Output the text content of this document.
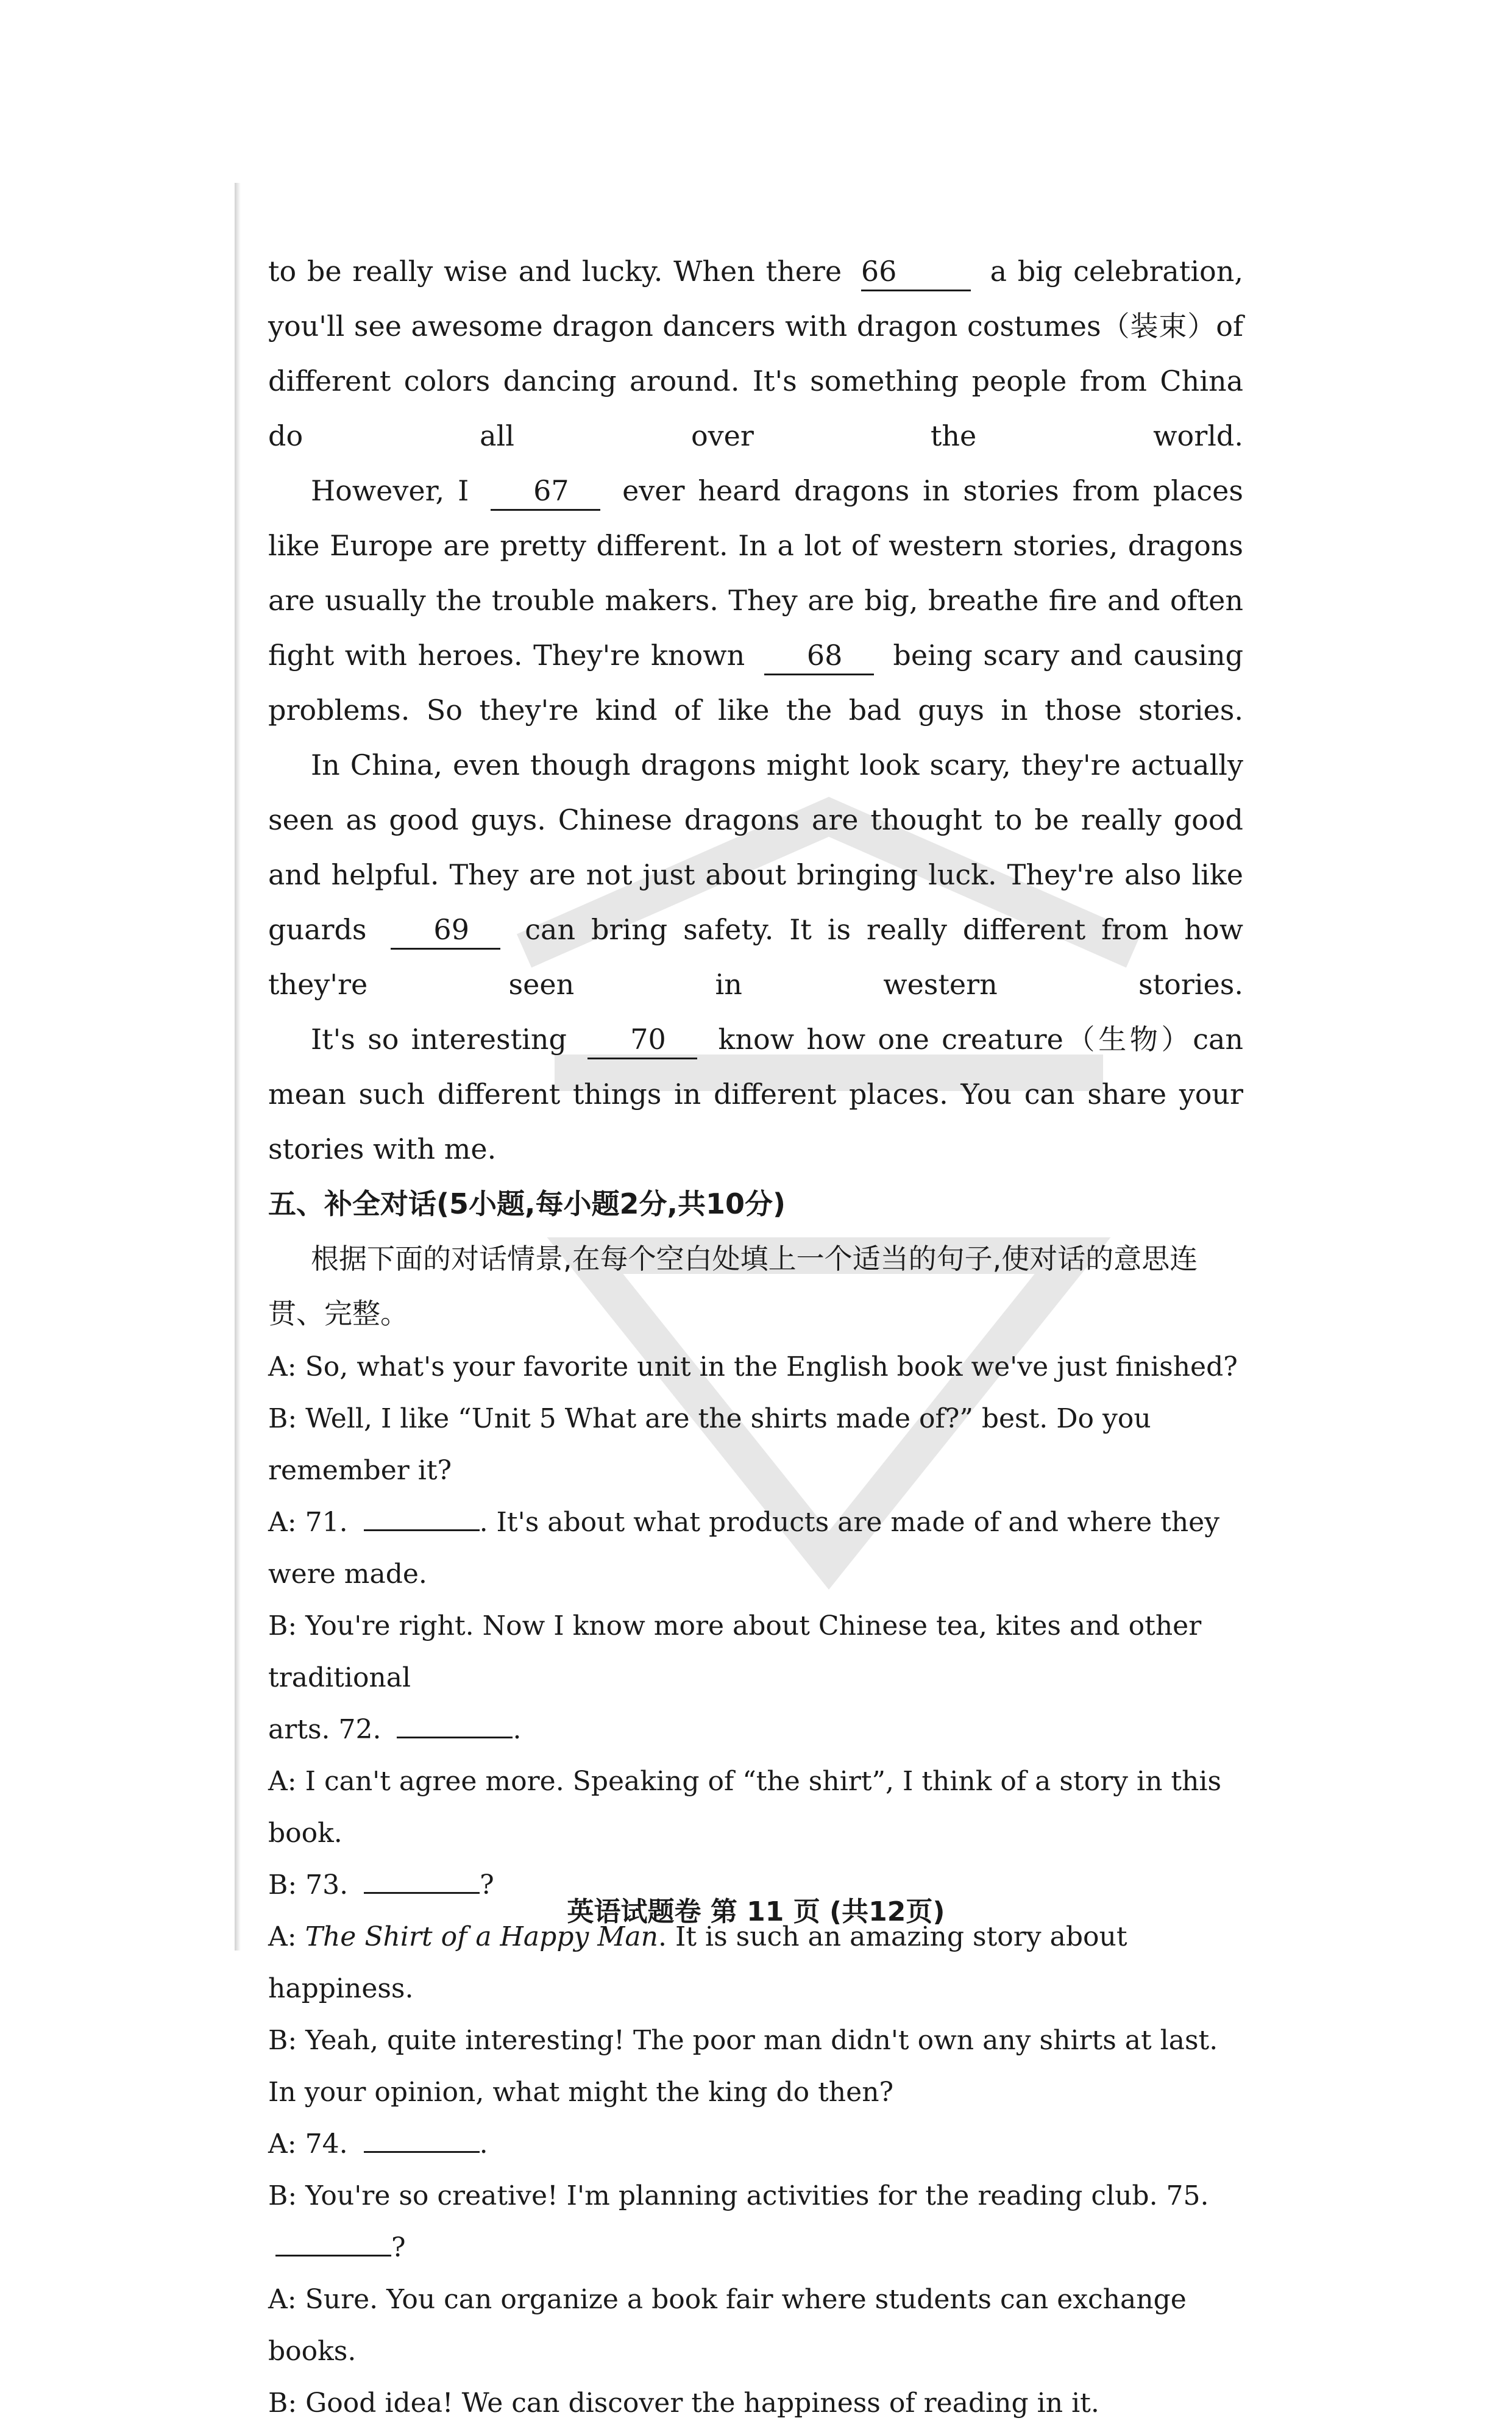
to be really wise and lucky. When there 66	a big celebration, you'll see awesome dragon dancers with dragon costumes（装束）of different colors dancing around. It's something people from China do all over the world.

However, I 67 ever heard dragons in stories from places like Europe are pretty different. In a lot of western stories, dragons are usually the trouble makers. They are big, breathe fire and often fight with heroes. They're known 68 being scary and causing problems. So they're kind of like the bad guys in those stories.

In China, even though dragons might look scary, they're actually seen as good guys. Chinese dragons are thought to be really good and helpful. They are not just about bringing luck. They're also like guards 69 can bring safety. It is really different from how they're seen in western stories.

It's so interesting 70 know how one creature（生物）can mean such different things in different places. You can share your stories with me.

五、补全对话(5小题,每小题2分,共10分)

根据下面的对话情景,在每个空白处填上一个适当的句子,使对话的意思连贯、完整。

A: So, what's your favorite unit in the English book we've just finished?

B: Well, I like “Unit 5 What are the shirts made of?” best. Do you remember it?

A: 71.	. It's about what products are made of and where they were made.

B: You're right. Now I know more about Chinese tea, kites and other traditional

arts. 72.	.

A: I can't agree more. Speaking of “the shirt”, I think of a story in this book.

B: 73.	?

A: The Shirt of a Happy Man. It is such an amazing story about happiness.

B: Yeah, quite interesting! The poor man didn't own any shirts at last. In your opinion, what might the king do then?

A: 74.	.

B: You're so creative! I'm planning activities for the reading club. 75. ?

A: Sure. You can organize a book fair where students can exchange books.

B: Good idea! We can discover the happiness of reading in it.

英语试题卷 第 11 页 (共12页)
